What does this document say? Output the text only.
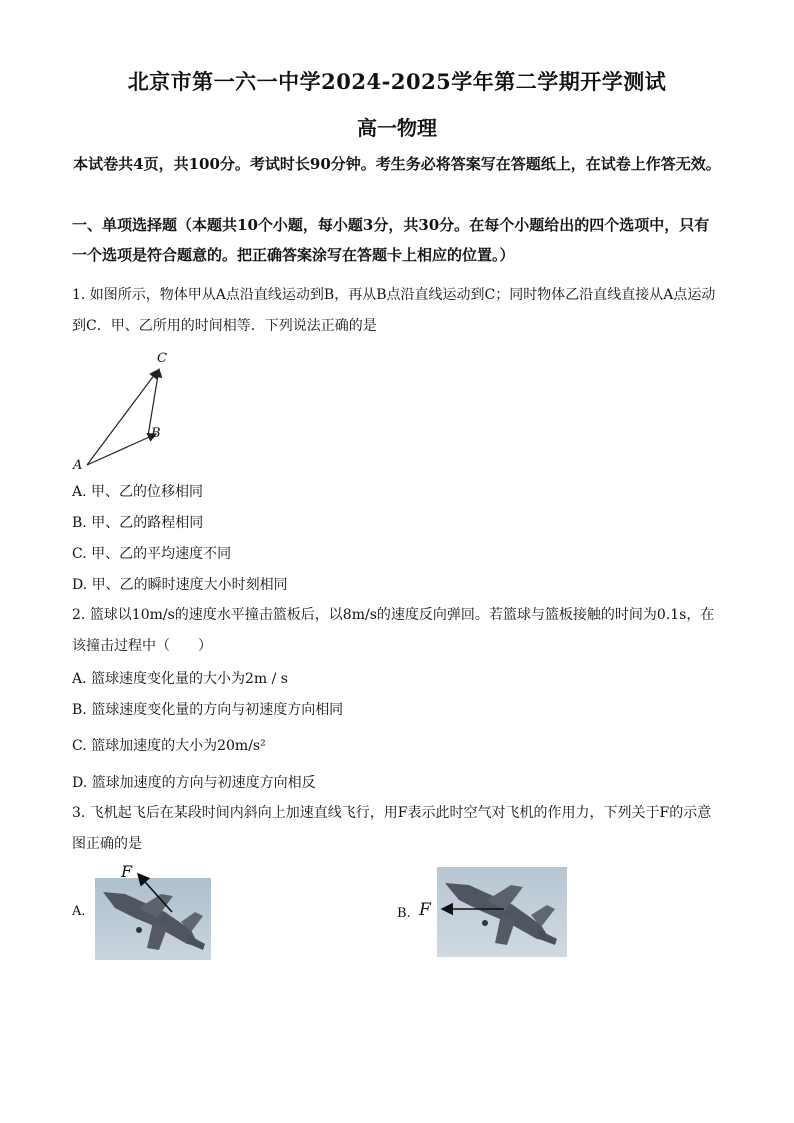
北京市第一六一中学2024-2025学年第二学期开学测试
高一物理
本试卷共4页，共100分。考试时长90分钟。考生务必将答案写在答题纸上，在试卷上作答无效。
一、单项选择题（本题共10个小题，每小题3分，共30分。在每个小题给出的四个选项中，只有一个选项是符合题意的。把正确答案涂写在答题卡上相应的位置。）
1. 如图所示，物体甲从A点沿直线运动到B，再从B点沿直线运动到C；同时物体乙沿直线直接从A点运动到C．甲、乙所用的时间相等．下列说法正确的是
C
B
A
A. 甲、乙的位移相同
B. 甲、乙的路程相同
C. 甲、乙的平均速度不同
D. 甲、乙的瞬时速度大小时刻相同
2. 篮球以10m/s的速度水平撞击篮板后，以8m/s的速度反向弹回。若篮球与篮板接触的时间为0.1s，在该撞击过程中（　　）
A. 篮球速度变化量的大小为2m / s
B. 篮球速度变化量的方向与初速度方向相同
C. 篮球加速度的大小为20m/s²
D. 篮球加速度的方向与初速度方向相反
3. 飞机起飞后在某段时间内斜向上加速直线飞行，用F表示此时空气对飞机的作用力，下列关于F的示意图正确的是
A.
F
B. F
